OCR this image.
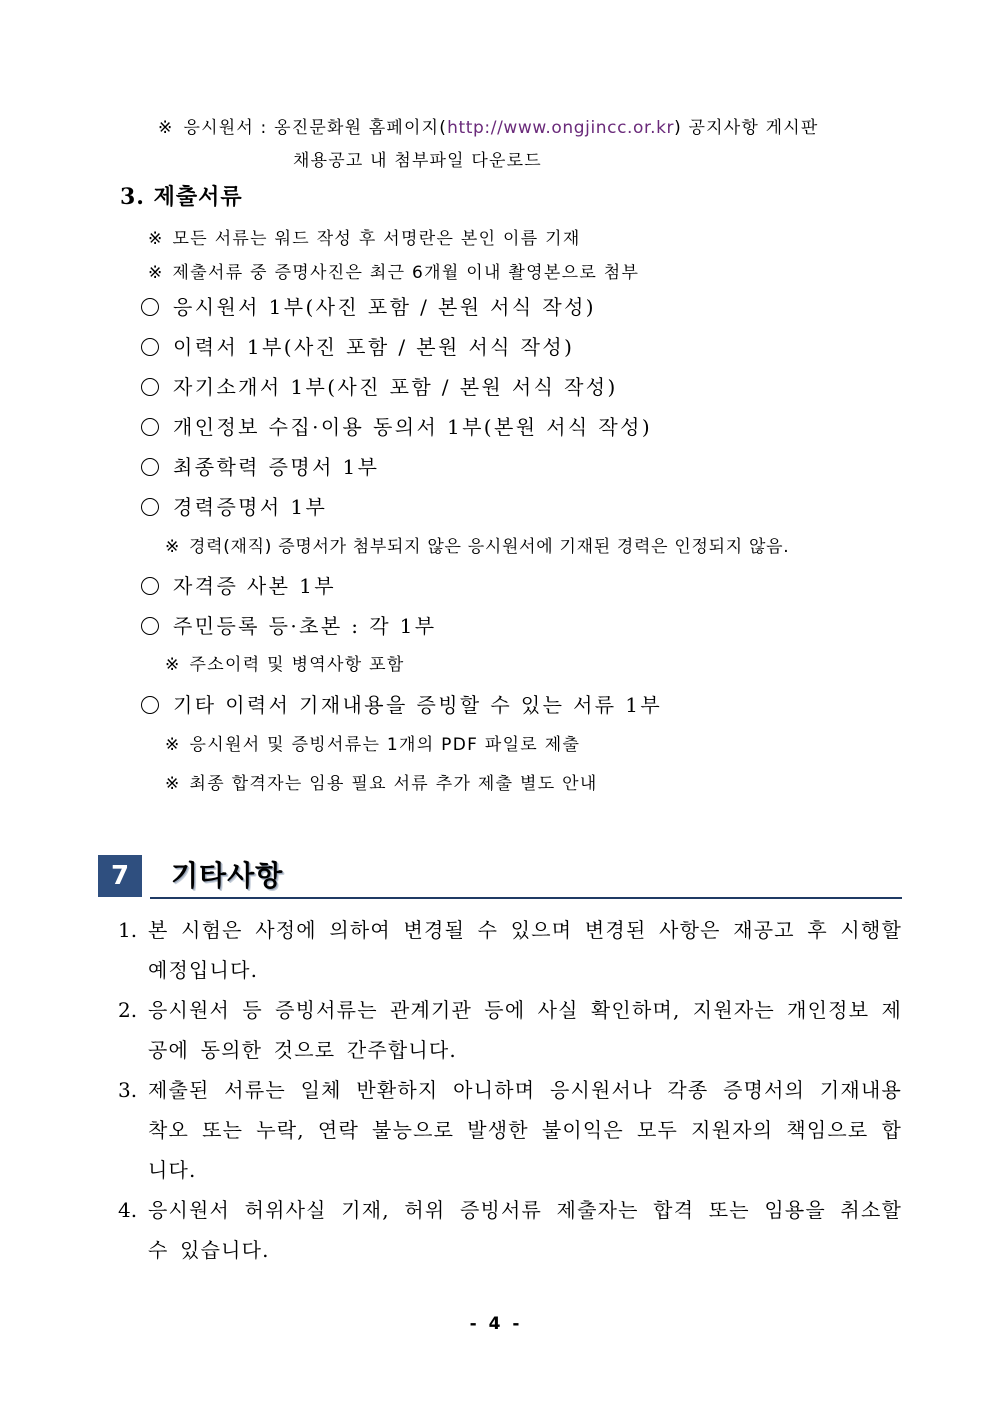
※ 응시원서 : 옹진문화원 홈페이지(http://www.ongjincc.or.kr) 공지사항 게시판
채용공고 내 첨부파일 다운로드
3. 제출서류
※ 모든 서류는 워드 작성 후 서명란은 본인 이름 기재
※ 제출서류 중 증명사진은 최근 6개월 이내 촬영본으로 첨부
응시원서 1부(사진 포함 / 본원 서식 작성)
이력서 1부(사진 포함 / 본원 서식 작성)
자기소개서 1부(사진 포함 / 본원 서식 작성)
개인정보 수집·이용 동의서 1부(본원 서식 작성)
최종학력 증명서 1부
경력증명서 1부
※ 경력(재직) 증명서가 첨부되지 않은 응시원서에 기재된 경력은 인정되지 않음.
자격증 사본 1부
주민등록 등·초본 : 각 1부
※ 주소이력 및 병역사항 포함
기타 이력서 기재내용을 증빙할 수 있는 서류 1부
※ 응시원서 및 증빙서류는 1개의 PDF 파일로 제출
※ 최종 합격자는 임용 필요 서류 추가 제출 별도 안내
7	기타사항
1. 본 시험은 사정에 의하여 변경될 수 있으며 변경된 사항은 재공고 후 시행할 예정입니다.
2. 응시원서 등 증빙서류는 관계기관 등에 사실 확인하며, 지원자는 개인정보 제공에 동의한 것으로 간주합니다.
3. 제출된 서류는 일체 반환하지 아니하며 응시원서나 각종 증명서의 기재내용 착오 또는 누락, 연락 불능으로 발생한 불이익은 모두 지원자의 책임으로 합니다.
4. 응시원서 허위사실 기재, 허위 증빙서류 제출자는 합격 또는 임용을 취소할 수 있습니다.
- 4 -
